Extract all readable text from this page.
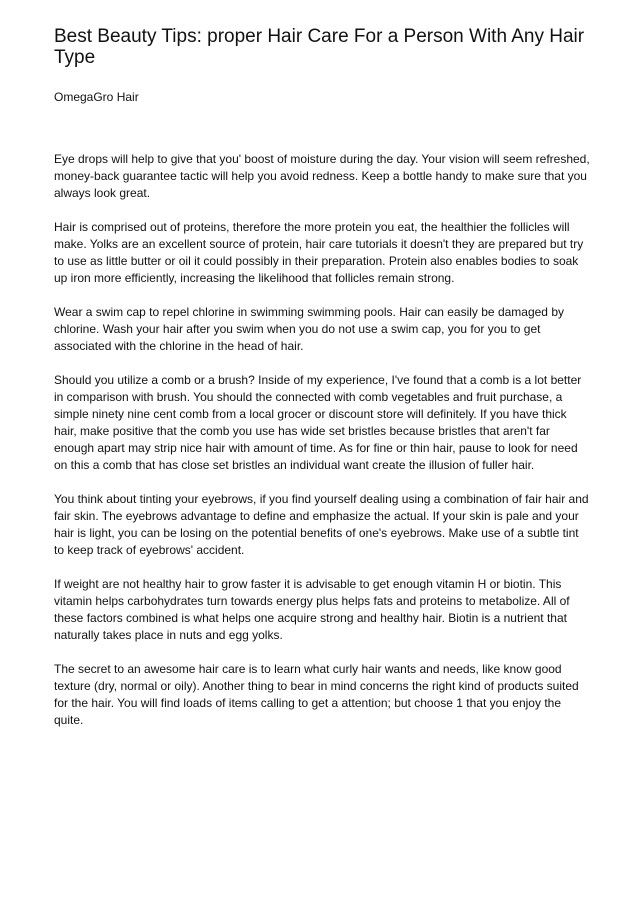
Best Beauty Tips: proper Hair Care For a Person With Any Hair Type
OmegaGro Hair

Eye drops will help to give that you' boost of moisture during the day. Your vision will seem refreshed, money-back guarantee tactic will help you avoid redness. Keep a bottle handy to make sure that you always look great.

Hair is comprised out of proteins, therefore the more protein you eat, the healthier the follicles will make. Yolks are an excellent source of protein, hair care tutorials it doesn't they are prepared but try to use as little butter or oil it could possibly in their preparation. Protein also enables bodies to soak up iron more efficiently, increasing the likelihood that follicles remain strong.

Wear a swim cap to repel chlorine in swimming swimming pools. Hair can easily be damaged by chlorine. Wash your hair after you swim when you do not use a swim cap, you for you to get associated with the chlorine in the head of hair.

Should you utilize a comb or a brush? Inside of my experience, I've found that a comb is a lot better in comparison with brush. You should the connected with comb vegetables and fruit purchase, a simple ninety nine cent comb from a local grocer or discount store will definitely. If you have thick hair, make positive that the comb you use has wide set bristles because bristles that aren't far enough apart may strip nice hair with amount of time. As for fine or thin hair, pause to look for need on this a comb that has close set bristles an individual want create the illusion of fuller hair.

You think about tinting your eyebrows, if you find yourself dealing using a combination of fair hair and fair skin. The eyebrows advantage to define and emphasize the actual. If your skin is pale and your hair is light, you can be losing on the potential benefits of one's eyebrows. Make use of a subtle tint to keep track of eyebrows' accident.

If weight are not healthy hair to grow faster it is advisable to get enough vitamin H or biotin. This vitamin helps carbohydrates turn towards energy plus helps fats and proteins to metabolize. All of these factors combined is what helps one acquire strong and healthy hair. Biotin is a nutrient that naturally takes place in nuts and egg yolks.

The secret to an awesome hair care is to learn what curly hair wants and needs, like know good texture (dry, normal or oily). Another thing to bear in mind concerns the right kind of products suited for the hair. You will find loads of items calling to get a attention; but choose 1 that you enjoy the quite.
